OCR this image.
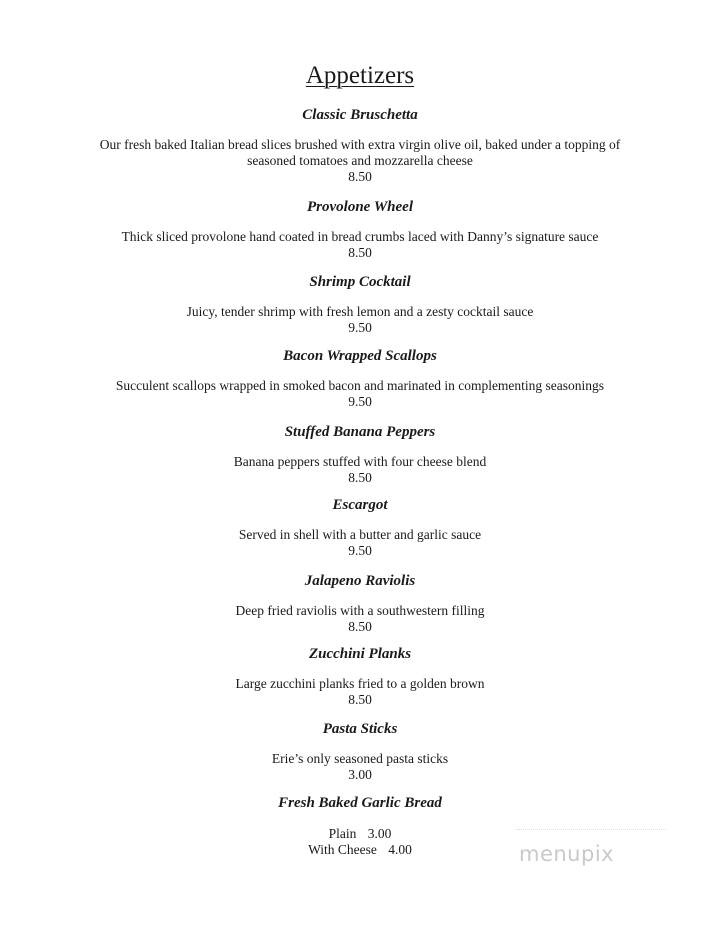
Appetizers
Classic Bruschetta
Our fresh baked Italian bread slices brushed with extra virgin olive oil, baked under a topping of seasoned tomatoes and mozzarella cheese
8.50
Provolone Wheel
Thick sliced provolone hand coated in bread crumbs laced with Danny’s signature sauce
8.50
Shrimp Cocktail
Juicy, tender shrimp with fresh lemon and a zesty cocktail sauce
9.50
Bacon Wrapped Scallops
Succulent scallops wrapped in smoked bacon and marinated in complementing seasonings
9.50
Stuffed Banana Peppers
Banana peppers stuffed with four cheese blend
8.50
Escargot
Served in shell with a butter and garlic sauce
9.50
Jalapeno Raviolis
Deep fried raviolis with a southwestern filling
8.50
Zucchini Planks
Large zucchini planks fried to a golden brown
8.50
Pasta Sticks
Erie’s only seasoned pasta sticks
3.00
Fresh Baked Garlic Bread
Plain 3.00
With Cheese 4.00	menupix
